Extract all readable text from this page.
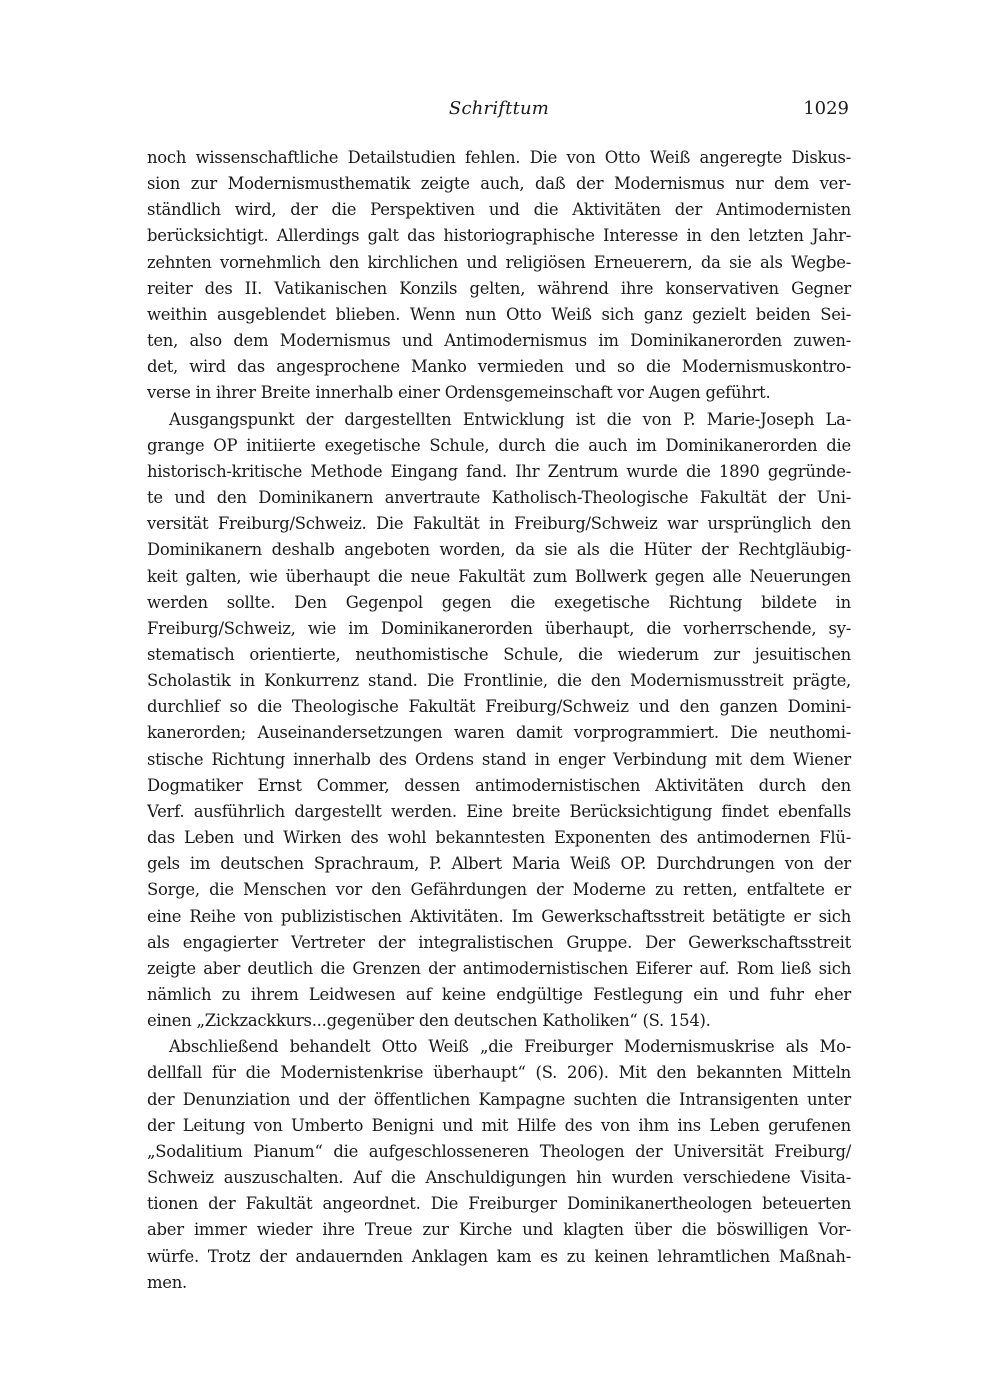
Schrifttum	1029
noch wissenschaftliche Detailstudien fehlen. Die von Otto Weiß angeregte Diskus-
sion zur Modernismusthematik zeigte auch, daß der Modernismus nur dem ver-
ständlich wird, der die Perspektiven und die Aktivitäten der Antimodernisten
berücksichtigt. Allerdings galt das historiographische Interesse in den letzten Jahr-
zehnten vornehmlich den kirchlichen und religiösen Erneuerern, da sie als Wegbe-
reiter des II. Vatikanischen Konzils gelten, während ihre konservativen Gegner
weithin ausgeblendet blieben. Wenn nun Otto Weiß sich ganz gezielt beiden Sei-
ten, also dem Modernismus und Antimodernismus im Dominikanerorden zuwen-
det, wird das angesprochene Manko vermieden und so die Modernismuskontro-
verse in ihrer Breite innerhalb einer Ordensgemeinschaft vor Augen geführt.
Ausgangspunkt der dargestellten Entwicklung ist die von P. Marie-Joseph La-
grange OP initiierte exegetische Schule, durch die auch im Dominikanerorden die
historisch-kritische Methode Eingang fand. Ihr Zentrum wurde die 1890 gegründe-
te und den Dominikanern anvertraute Katholisch-Theologische Fakultät der Uni-
versität Freiburg/Schweiz. Die Fakultät in Freiburg/Schweiz war ursprünglich den
Dominikanern deshalb angeboten worden, da sie als die Hüter der Rechtgläubig-
keit galten, wie überhaupt die neue Fakultät zum Bollwerk gegen alle Neuerungen
werden sollte. Den Gegenpol gegen die exegetische Richtung bildete in
Freiburg/Schweiz, wie im Dominikanerorden überhaupt, die vorherrschende, sy-
stematisch orientierte, neuthomistische Schule, die wiederum zur jesuitischen
Scholastik in Konkurrenz stand. Die Frontlinie, die den Modernismusstreit prägte,
durchlief so die Theologische Fakultät Freiburg/Schweiz und den ganzen Domini-
kanerorden; Auseinandersetzungen waren damit vorprogrammiert. Die neuthomi-
stische Richtung innerhalb des Ordens stand in enger Verbindung mit dem Wiener
Dogmatiker Ernst Commer, dessen antimodernistischen Aktivitäten durch den
Verf. ausführlich dargestellt werden. Eine breite Berücksichtigung findet ebenfalls
das Leben und Wirken des wohl bekanntesten Exponenten des antimodernen Flü-
gels im deutschen Sprachraum, P. Albert Maria Weiß OP. Durchdrungen von der
Sorge, die Menschen vor den Gefährdungen der Moderne zu retten, entfaltete er
eine Reihe von publizistischen Aktivitäten. Im Gewerkschaftsstreit betätigte er sich
als engagierter Vertreter der integralistischen Gruppe. Der Gewerkschaftsstreit
zeigte aber deutlich die Grenzen der antimodernistischen Eiferer auf. Rom ließ sich
nämlich zu ihrem Leidwesen auf keine endgültige Festlegung ein und fuhr eher
einen „Zickzackkurs...gegenüber den deutschen Katholiken“ (S. 154).
Abschließend behandelt Otto Weiß „die Freiburger Modernismuskrise als Mo-
dellfall für die Modernistenkrise überhaupt“ (S. 206). Mit den bekannten Mitteln
der Denunziation und der öffentlichen Kampagne suchten die Intransigenten unter
der Leitung von Umberto Benigni und mit Hilfe des von ihm ins Leben gerufenen
„Sodalitium Pianum“ die aufgeschlosseneren Theologen der Universität Freiburg/
Schweiz auszuschalten. Auf die Anschuldigungen hin wurden verschiedene Visita-
tionen der Fakultät angeordnet. Die Freiburger Dominikanertheologen beteuerten
aber immer wieder ihre Treue zur Kirche und klagten über die böswilligen Vor-
würfe. Trotz der andauernden Anklagen kam es zu keinen lehramtlichen Maßnah-
men.
